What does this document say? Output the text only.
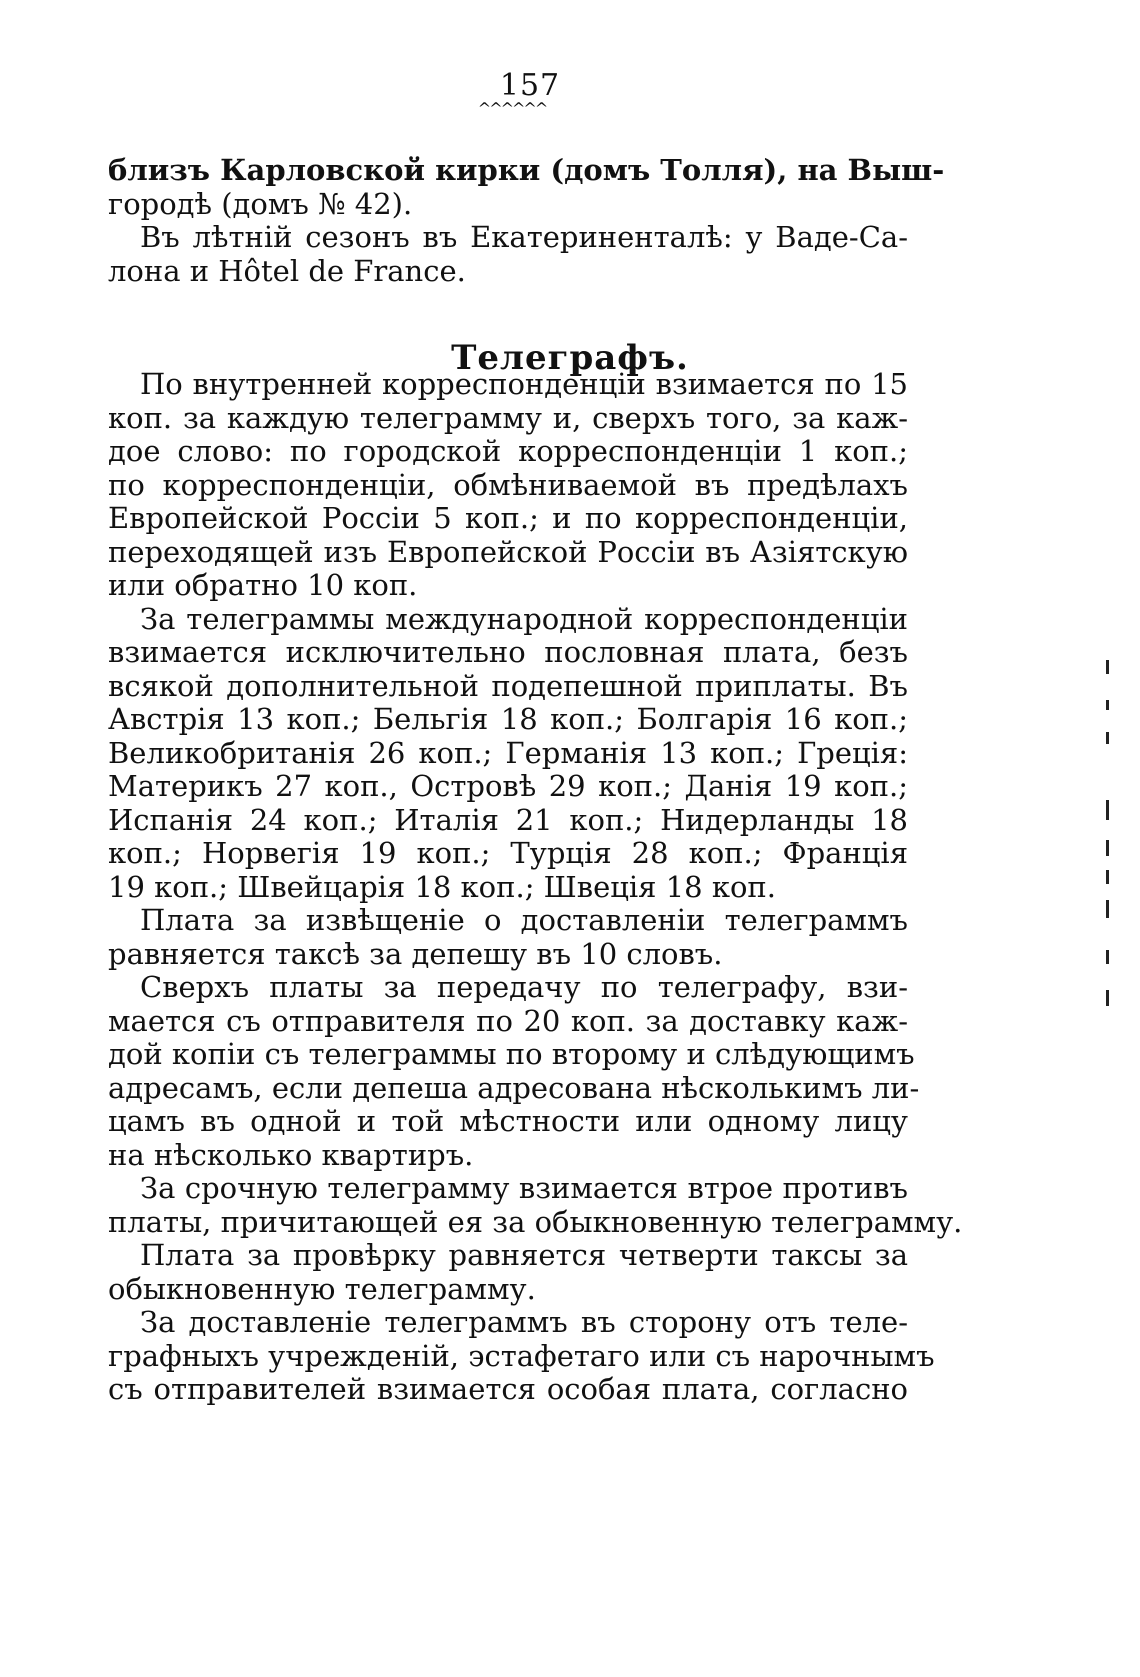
157
^^^^^^
близъ Карловской кирки (домъ Толля), на Выш-
городѣ (домъ № 42).
Въ лѣтній сезонъ въ Екатериненталѣ: у Ваде-Са-
лона и Hôtel de France.
Телеграфъ.
По внутренней корреспонденціи взимается по 15
коп. за каждую телеграмму и, сверхъ того, за каж-
дое слово: по городской корреспонденціи 1 коп.;
по корреспонденціи, обмѣниваемой въ предѣлахъ
Европейской Россіи 5 коп.; и по корреспонденціи,
переходящей изъ Европейской Россіи въ Азіятскую
или обратно 10 коп.
За телеграммы международной корреспонденціи
взимается исключительно пословная плата, безъ
всякой дополнительной подепешной приплаты. Въ
Австрія 13 коп.; Бельгія 18 коп.; Болгарія 16 коп.;
Великобританія 26 коп.; Германія 13 коп.; Греція:
Материкъ 27 коп., Островѣ 29 коп.; Данія 19 коп.;
Испанія 24 коп.; Италія 21 коп.; Нидерланды 18
коп.; Норвегія 19 коп.; Турція 28 коп.; Франція
19 коп.; Швейцарія 18 коп.; Швеція 18 коп.
Плата за извѣщеніе о доставленіи телеграммъ
равняется таксѣ за депешу въ 10 словъ.
Сверхъ платы за передачу по телеграфу, взи-
мается съ отправителя по 20 коп. за доставку каж-
дой копіи съ телеграммы по второму и слѣдующимъ
адресамъ, если депеша адресована нѣсколькимъ ли-
цамъ въ одной и той мѣстности или одному лицу
на нѣсколько квартиръ.
За срочную телеграмму взимается втрое противъ
платы, причитающей ея за обыкновенную телеграмму.
Плата за провѣрку равняется четверти таксы за
обыкновенную телеграмму.
За доставленіе телеграммъ въ сторону отъ теле-
графныхъ учрежденій, эстафетаго или съ нарочнымъ
съ отправителей взимается особая плата, согласно
